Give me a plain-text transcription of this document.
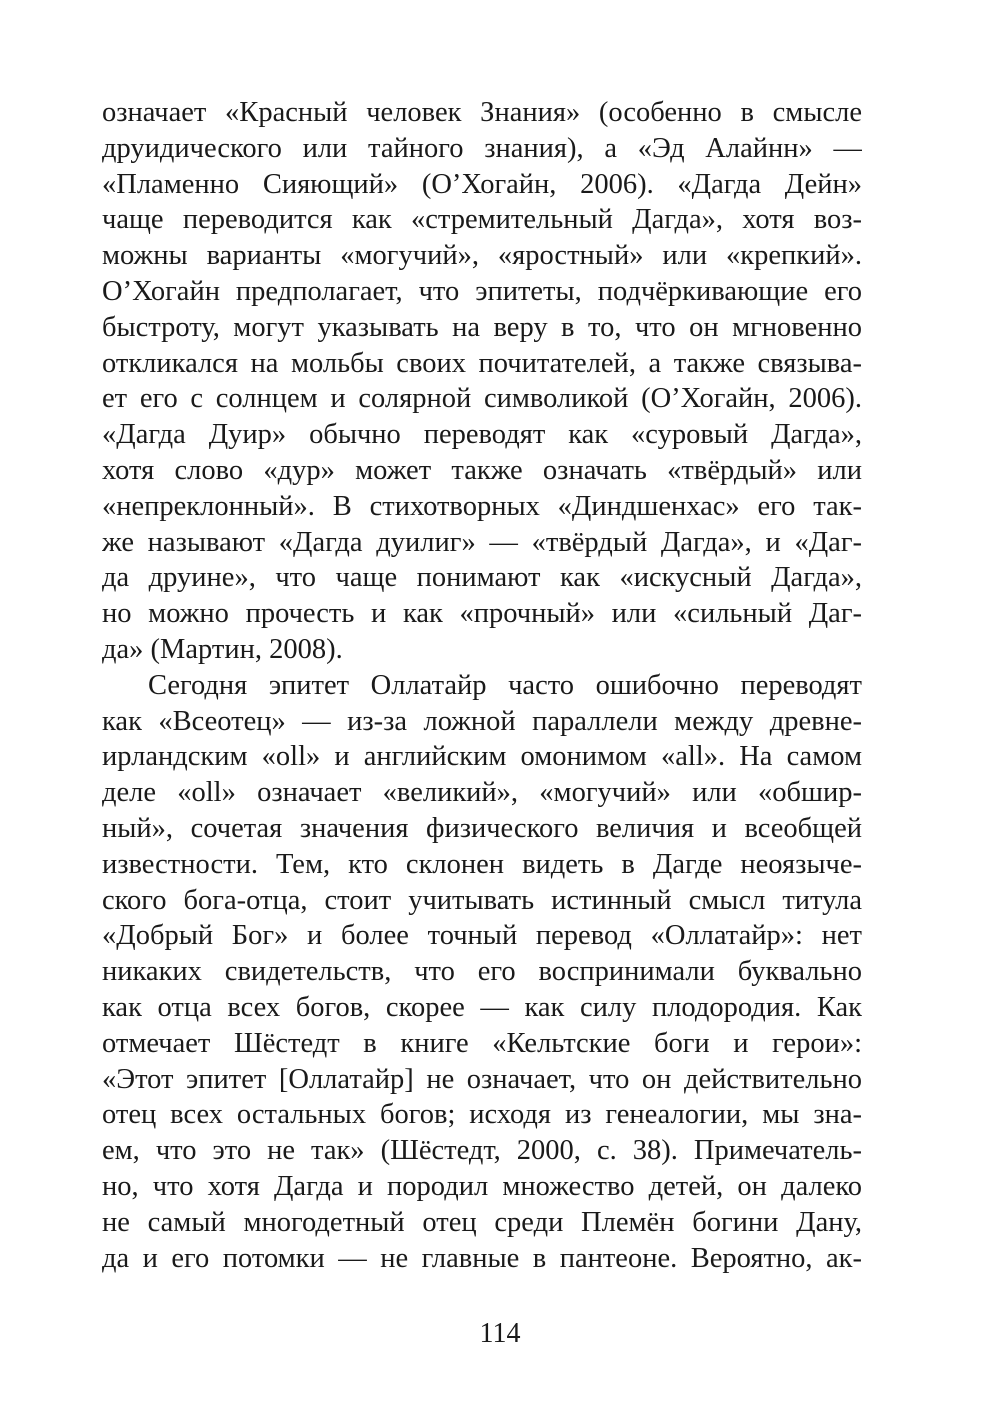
означает «Красный человек Знания» (особенно в смысле
друидического или тайного знания), а «Эд Алайнн» —
«Пламенно Сияющий» (О’Хогайн, 2006). «Дагда Дейн»
чаще переводится как «стремительный Дагда», хотя воз-
можны варианты «могучий», «яростный» или «крепкий».
О’Хогайн предполагает, что эпитеты, подчёркивающие его
быстроту, могут указывать на веру в то, что он мгновенно
откликался на мольбы своих почитателей, а также связыва-
ет его с солнцем и солярной символикой (О’Хогайн, 2006).
«Дагда Дуир» обычно переводят как «суровый Дагда»,
хотя слово «дур» может также означать «твёрдый» или
«непреклонный». В стихотворных «Диндшенхас» его так-
же называют «Дагда дуилиг» — «твёрдый Дагда», и «Даг-
да друине», что чаще понимают как «искусный Дагда»,
но можно прочесть и как «прочный» или «сильный Даг-
да» (Мартин, 2008).
Сегодня эпитет Оллатайр часто ошибочно переводят
как «Всеотец» — из-за ложной параллели между древне-
ирландским «oll» и английским омонимом «all». На самом
деле «oll» означает «великий», «могучий» или «обшир-
ный», сочетая значения физического величия и всеобщей
известности. Тем, кто склонен видеть в Дагде неоязыче-
ского бога-отца, стоит учитывать истинный смысл титула
«Добрый Бог» и более точный перевод «Оллатайр»: нет
никаких свидетельств, что его воспринимали буквально
как отца всех богов, скорее — как силу плодородия. Как
отмечает Шёстедт в книге «Кельтские боги и герои»:
«Этот эпитет [Оллатайр] не означает, что он действительно
отец всех остальных богов; исходя из генеалогии, мы зна-
ем, что это не так» (Шёстедт, 2000, с. 38). Примечатель-
но, что хотя Дагда и породил множество детей, он далеко
не самый многодетный отец среди Племён богини Дану,
да и его потомки — не главные в пантеоне. Вероятно, ак-
114
